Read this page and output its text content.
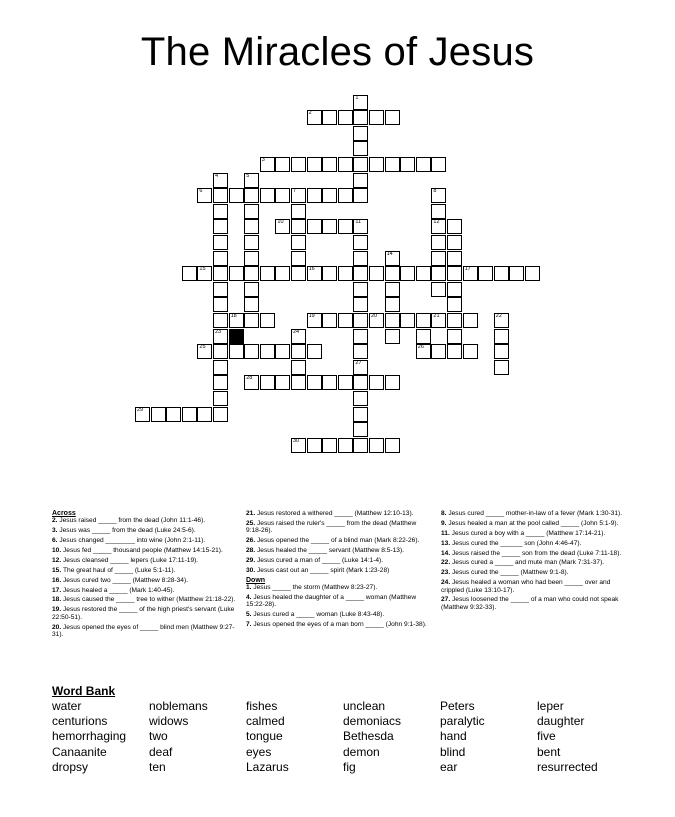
The Miracles of Jesus
2
3
6	7
10
15	16	17
18	19	20	21
25	26
28
29
30
1
4
23
5
11
27
8
12
14
22
24
Across
2. Jesus raised _____ from the dead (John 11:1-46).
3. Jesus was _____ from the dead (Luke 24:5-6).
6. Jesus changed ________ into wine (John 2:1-11).
10. Jesus fed _____ thousand people (Matthew 14:15-21).
12. Jesus cleansed _____ lepers (Luke 17:11-19).
15. The great haul of _____ (Luke 5:1-11).
16. Jesus cured two _____ (Matthew 8:28-34).
17. Jesus healed a _____ (Mark 1:40-45).
18. Jesus caused the _____ tree to wither (Matthew 21:18-22).
19. Jesus restored the _____ of the high priest's servant (Luke 22:50-51).
20. Jesus opened the eyes of _____ blind men (Matthew 9:27-31).
21. Jesus restored a withered _____ (Matthew 12:10-13).
25. Jesus raised the ruler's _____ from the dead (Matthew 9:18-26).
26. Jesus opened the _____ of a blind man (Mark 8:22-26).
28. Jesus healed the _____ servant (Matthew 8:5-13).
29. Jesus cured a man of _____ (Luke 14:1-4).
30. Jesus cast out an _____ spirit (Mark 1:23-28)
Down
1. Jesus _____ the storm (Matthew 8:23-27).
4. Jesus healed the daughter of a _____ woman (Matthew 15:22-28).
5. Jesus cured a _____ woman (Luke 8:43-48).
7. Jesus opened the eyes of a man born _____ (John 9:1-38).
8. Jesus cured _____ mother-in-law of a fever (Mark 1:30-31).
9. Jesus healed a man at the pool called _____ (John 5:1-9).
11. Jesus cured a boy with a _____ (Matthew 17:14-21).
13. Jesus cured the ______ son (John 4:46-47).
14. Jesus raised the _____ son from the dead (Luke 7:11-18).
22. Jesus cured a _____ and mute man (Mark 7:31-37).
23. Jesus cured the _____ (Matthew 9:1-8).
24. Jesus healed a woman who had been _____ over and crippled (Luke 13:10-17).
27. Jesus loosened the _____ of a man who could not speak (Matthew 9:32-33).
Word Bank
water	noblemans	fishes	unclean	Peters	leper
centurions	widows	calmed	demoniacs	paralytic	daughter
hemorrhaging	two	tongue	Bethesda	hand	five
Canaanite	deaf	eyes	demon	blind	bent
dropsy	ten	Lazarus	fig	ear	resurrected
